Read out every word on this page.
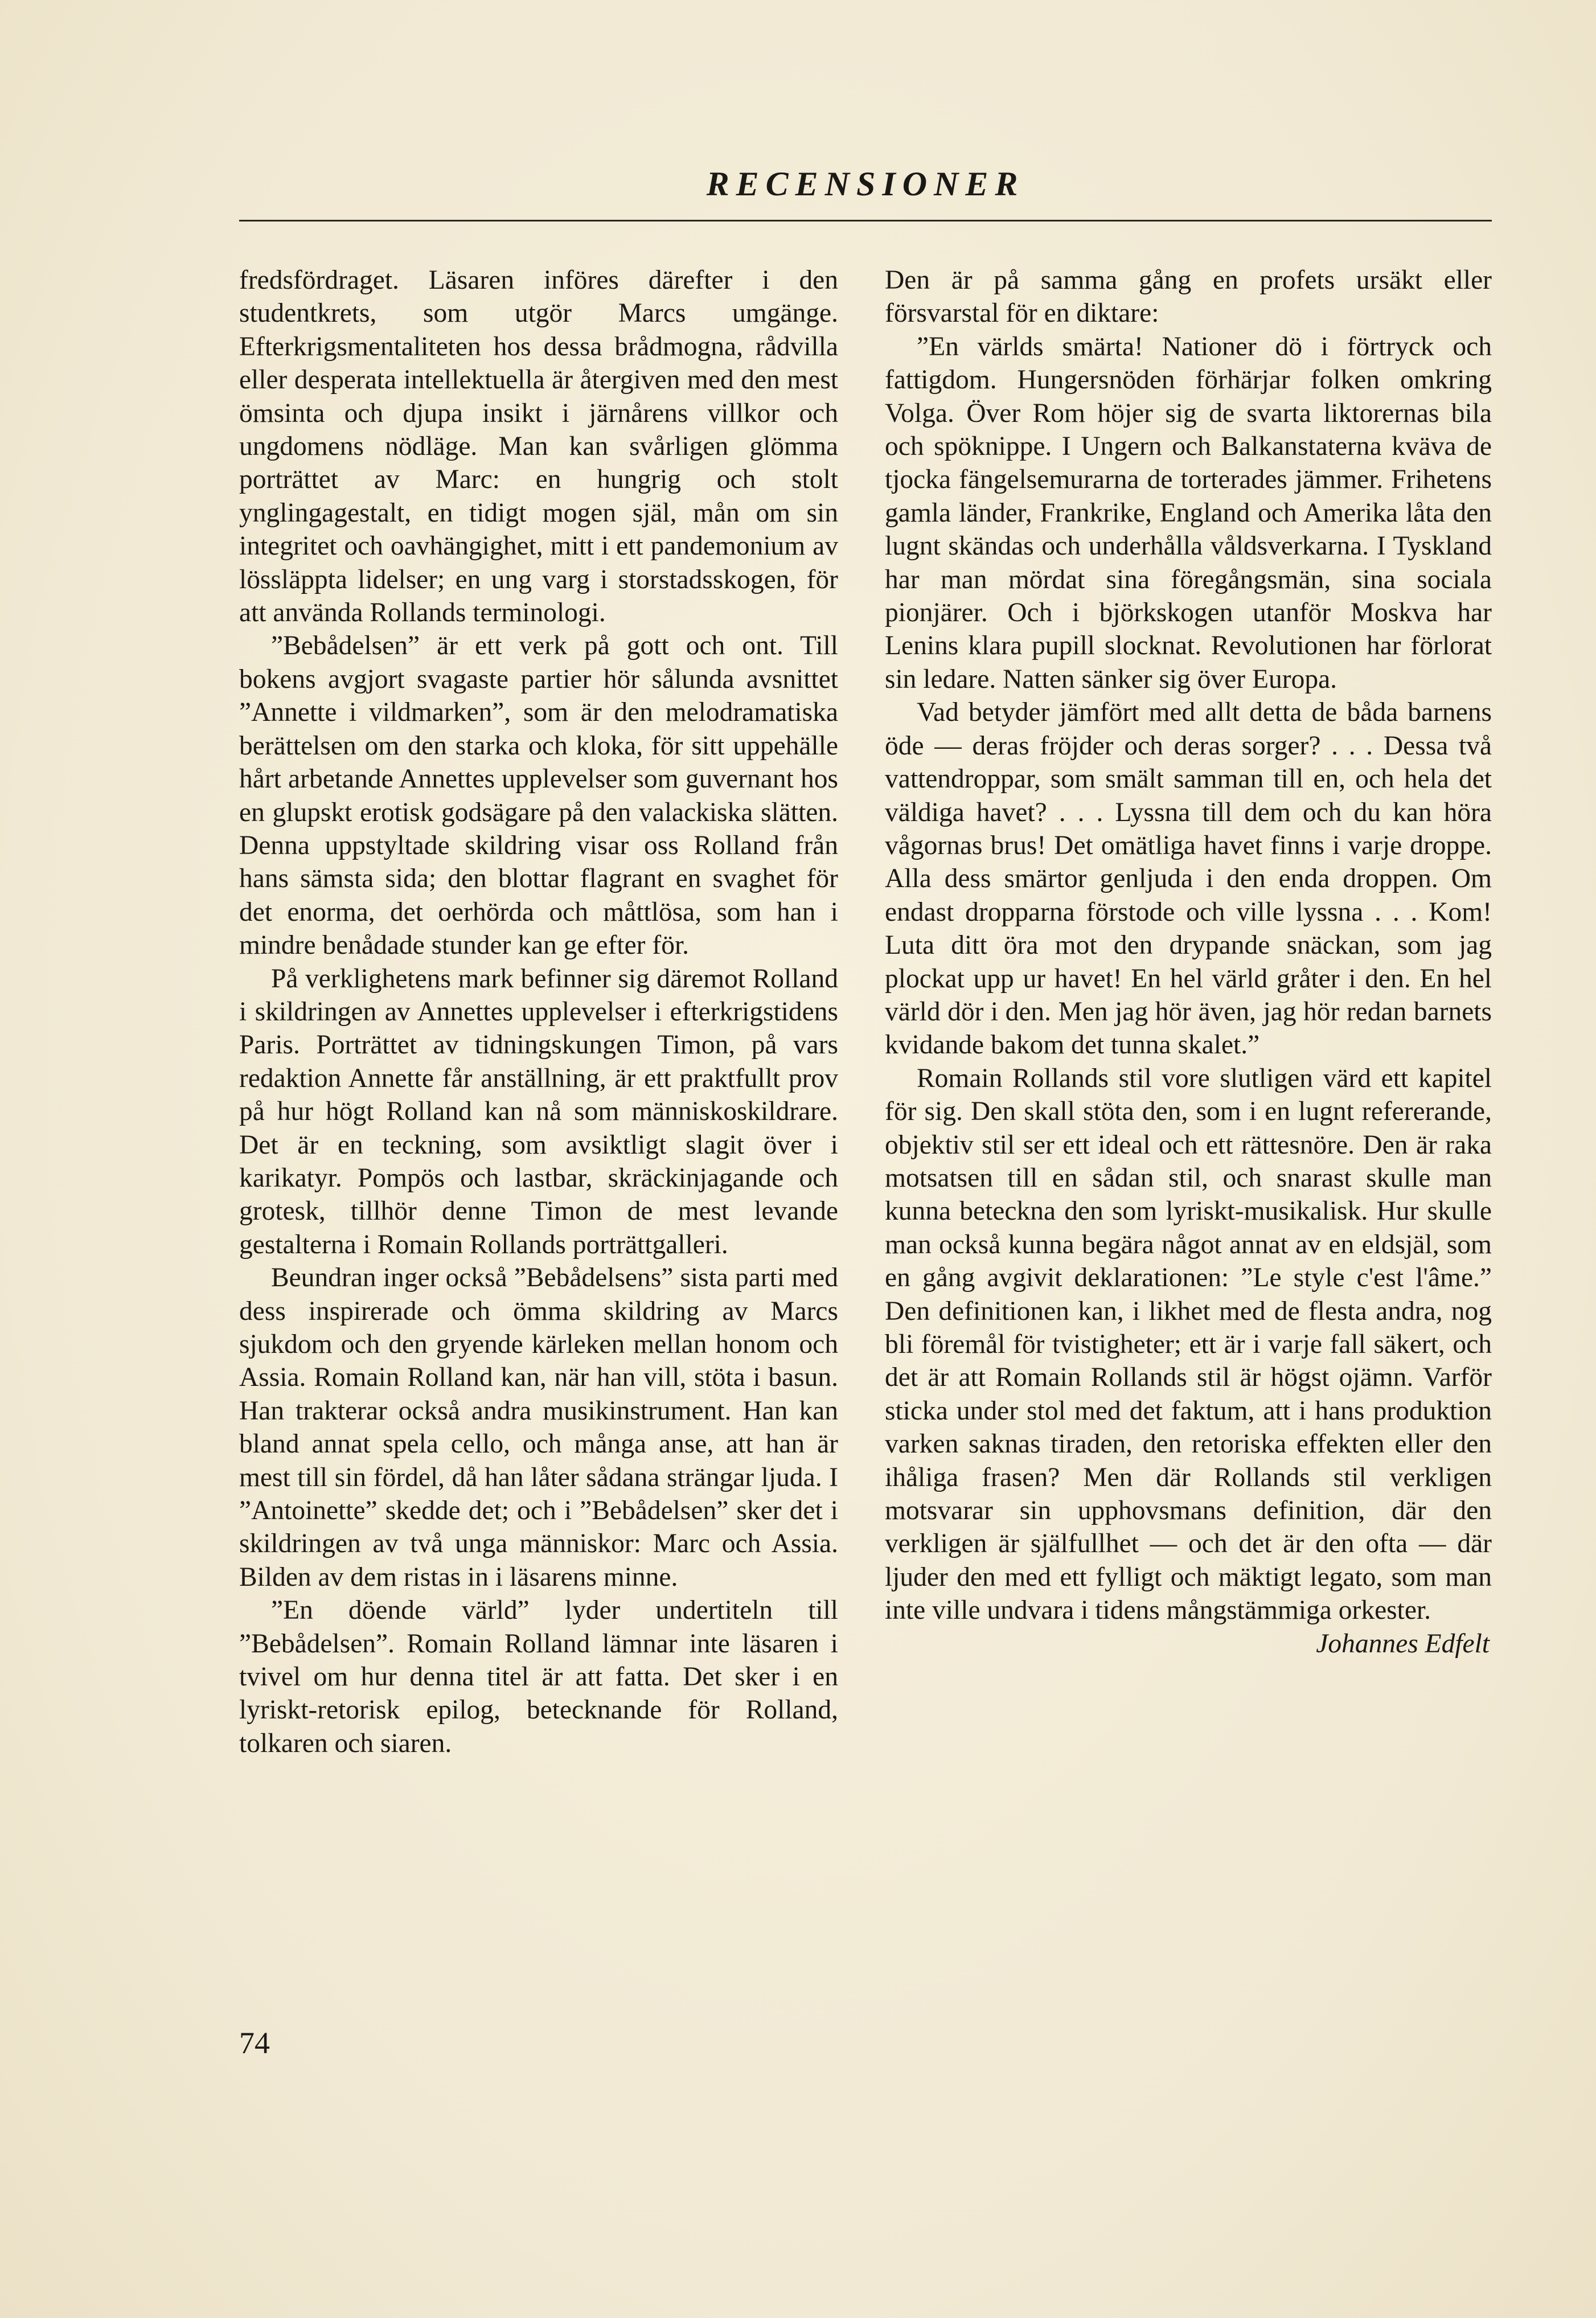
RECENSIONER

fredsfördraget. Läsaren införes därefter i den studentkrets, som utgör Marcs umgänge. Efterkrigsmentaliteten hos dessa brådmogna, rådvilla eller desperata intellektuella är återgiven med den mest ömsinta och djupa insikt i järnårens villkor och ungdomens nödläge. Man kan svårligen glömma porträttet av Marc: en hungrig och stolt ynglingagestalt, en tidigt mogen själ, mån om sin integritet och oavhängighet, mitt i ett pandemonium av lössläppta lidelser; en ung varg i storstadsskogen, för att använda Rollands terminologi.

”Bebådelsen” är ett verk på gott och ont. Till bokens avgjort svagaste partier hör sålunda avsnittet ”Annette i vildmarken”, som är den melodramatiska berättelsen om den starka och kloka, för sitt uppehälle hårt arbetande Annettes upplevelser som guvernant hos en glupskt erotisk godsägare på den valackiska slätten. Denna uppstyltade skildring visar oss Rolland från hans sämsta sida; den blottar flagrant en svaghet för det enorma, det oerhörda och måttlösa, som han i mindre benådade stunder kan ge efter för.

På verklighetens mark befinner sig däremot Rolland i skildringen av Annettes upplevelser i efterkrigstidens Paris. Porträttet av tidningskungen Timon, på vars redaktion Annette får anställning, är ett praktfullt prov på hur högt Rolland kan nå som människoskildrare. Det är en teckning, som avsiktligt slagit över i karikatyr. Pompös och lastbar, skräckinjagande och grotesk, tillhör denne Timon de mest levande gestalterna i Romain Rollands porträttgalleri.

Beundran inger också ”Bebådelsens” sista parti med dess inspirerade och ömma skildring av Marcs sjukdom och den gryende kärleken mellan honom och Assia. Romain Rolland kan, när han vill, stöta i basun. Han trakterar också andra musikinstrument. Han kan bland annat spela cello, och många anse, att han är mest till sin fördel, då han låter sådana strängar ljuda. I ”Antoinette” skedde det; och i ”Bebådelsen” sker det i skildringen av två unga människor: Marc och Assia. Bilden av dem ristas in i läsarens minne.

”En döende värld” lyder undertiteln till ”Bebådelsen”. Romain Rolland lämnar inte läsaren i tvivel om hur denna titel är att fatta. Det sker i en lyriskt-retorisk epilog, betecknande för Rolland, tolkaren och siaren.

Den är på samma gång en profets ursäkt eller försvarstal för en diktare:

”En världs smärta! Nationer dö i förtryck och fattigdom. Hungersnöden förhärjar folken omkring Volga. Över Rom höjer sig de svarta liktorernas bila och spöknippe. I Ungern och Balkanstaterna kväva de tjocka fängelsemurarna de torterades jämmer. Frihetens gamla länder, Frankrike, England och Amerika låta den lugnt skändas och underhålla våldsverkarna. I Tyskland har man mördat sina föregångsmän, sina sociala pionjärer. Och i björkskogen utanför Moskva har Lenins klara pupill slocknat. Revolutionen har förlorat sin ledare. Natten sänker sig över Europa.

Vad betyder jämfört med allt detta de båda barnens öde — deras fröjder och deras sorger? . . . Dessa två vattendroppar, som smält samman till en, och hela det väldiga havet? . . . Lyssna till dem och du kan höra vågornas brus! Det omätliga havet finns i varje droppe. Alla dess smärtor genljuda i den enda droppen. Om endast dropparna förstode och ville lyssna . . . Kom! Luta ditt öra mot den drypande snäckan, som jag plockat upp ur havet! En hel värld gråter i den. En hel värld dör i den. Men jag hör även, jag hör redan barnets kvidande bakom det tunna skalet.”

Romain Rollands stil vore slutligen värd ett kapitel för sig. Den skall stöta den, som i en lugnt refererande, objektiv stil ser ett ideal och ett rättesnöre. Den är raka motsatsen till en sådan stil, och snarast skulle man kunna beteckna den som lyriskt-musikalisk. Hur skulle man också kunna begära något annat av en eldsjäl, som en gång avgivit deklarationen: ”Le style c'est l'âme.” Den definitionen kan, i likhet med de flesta andra, nog bli föremål för tvistigheter; ett är i varje fall säkert, och det är att Romain Rollands stil är högst ojämn. Varför sticka under stol med det faktum, att i hans produktion varken saknas tiraden, den retoriska effekten eller den ihåliga frasen? Men där Rollands stil verkligen motsvarar sin upphovsmans definition, där den verkligen är själfullhet — och det är den ofta — där ljuder den med ett fylligt och mäktigt legato, som man inte ville undvara i tidens mångstämmiga orkester.

Johannes Edfelt

74
